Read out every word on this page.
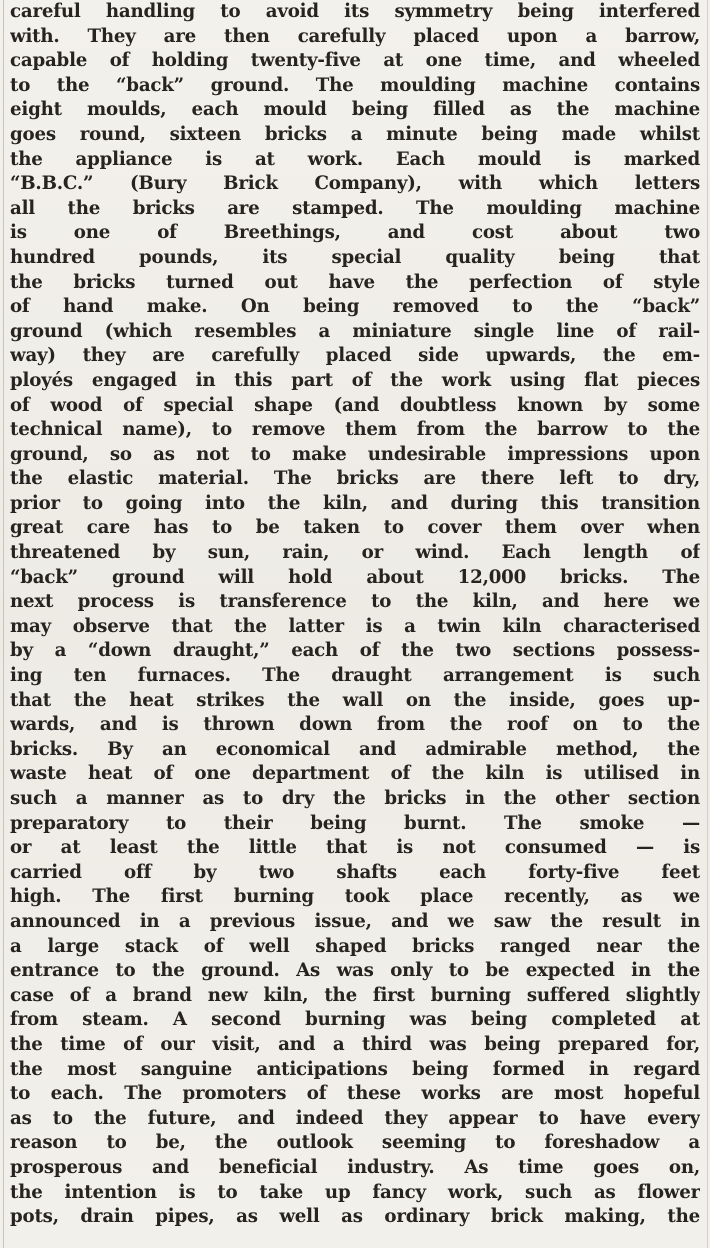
careful handling to avoid its symmetry being interfered
with. They are then carefully placed upon a barrow,
capable of holding twenty-five at one time, and wheeled
to the “back” ground. The moulding machine contains
eight moulds, each mould being filled as the machine
goes round, sixteen bricks a minute being made whilst
the appliance is at work. Each mould is marked
“B.B.C.” (Bury Brick Company), with which letters
all the bricks are stamped. The moulding machine
is one of Breethings, and cost about two
hundred pounds, its special quality being that
the bricks turned out have the perfection of style
of hand make. On being removed to the “back”
ground (which resembles a miniature single line of rail-
way) they are carefully placed side upwards, the em-
ployés engaged in this part of the work using flat pieces
of wood of special shape (and doubtless known by some
technical name), to remove them from the barrow to the
ground, so as not to make undesirable impressions upon
the elastic material. The bricks are there left to dry,
prior to going into the kiln, and during this transition
great care has to be taken to cover them over when
threatened by sun, rain, or wind. Each length of
“back” ground will hold about 12,000 bricks. The
next process is transference to the kiln, and here we
may observe that the latter is a twin kiln characterised
by a “down draught,” each of the two sections possess-
ing ten furnaces. The draught arrangement is such
that the heat strikes the wall on the inside, goes up-
wards, and is thrown down from the roof on to the
bricks. By an economical and admirable method, the
waste heat of one department of the kiln is utilised in
such a manner as to dry the bricks in the other section
preparatory to their being burnt. The smoke —
or at least the little that is not consumed — is
carried off by two shafts each forty-five feet
high. The first burning took place recently, as we
announced in a previous issue, and we saw the result in
a large stack of well shaped bricks ranged near the
entrance to the ground. As was only to be expected in the
case of a brand new kiln, the first burning suffered slightly
from steam. A second burning was being completed at
the time of our visit, and a third was being prepared for,
the most sanguine anticipations being formed in regard
to each. The promoters of these works are most hopeful
as to the future, and indeed they appear to have every
reason to be, the outlook seeming to foreshadow a
prosperous and beneficial industry. As time goes on,
the intention is to take up fancy work, such as flower
pots, drain pipes, as well as ordinary brick making, the
